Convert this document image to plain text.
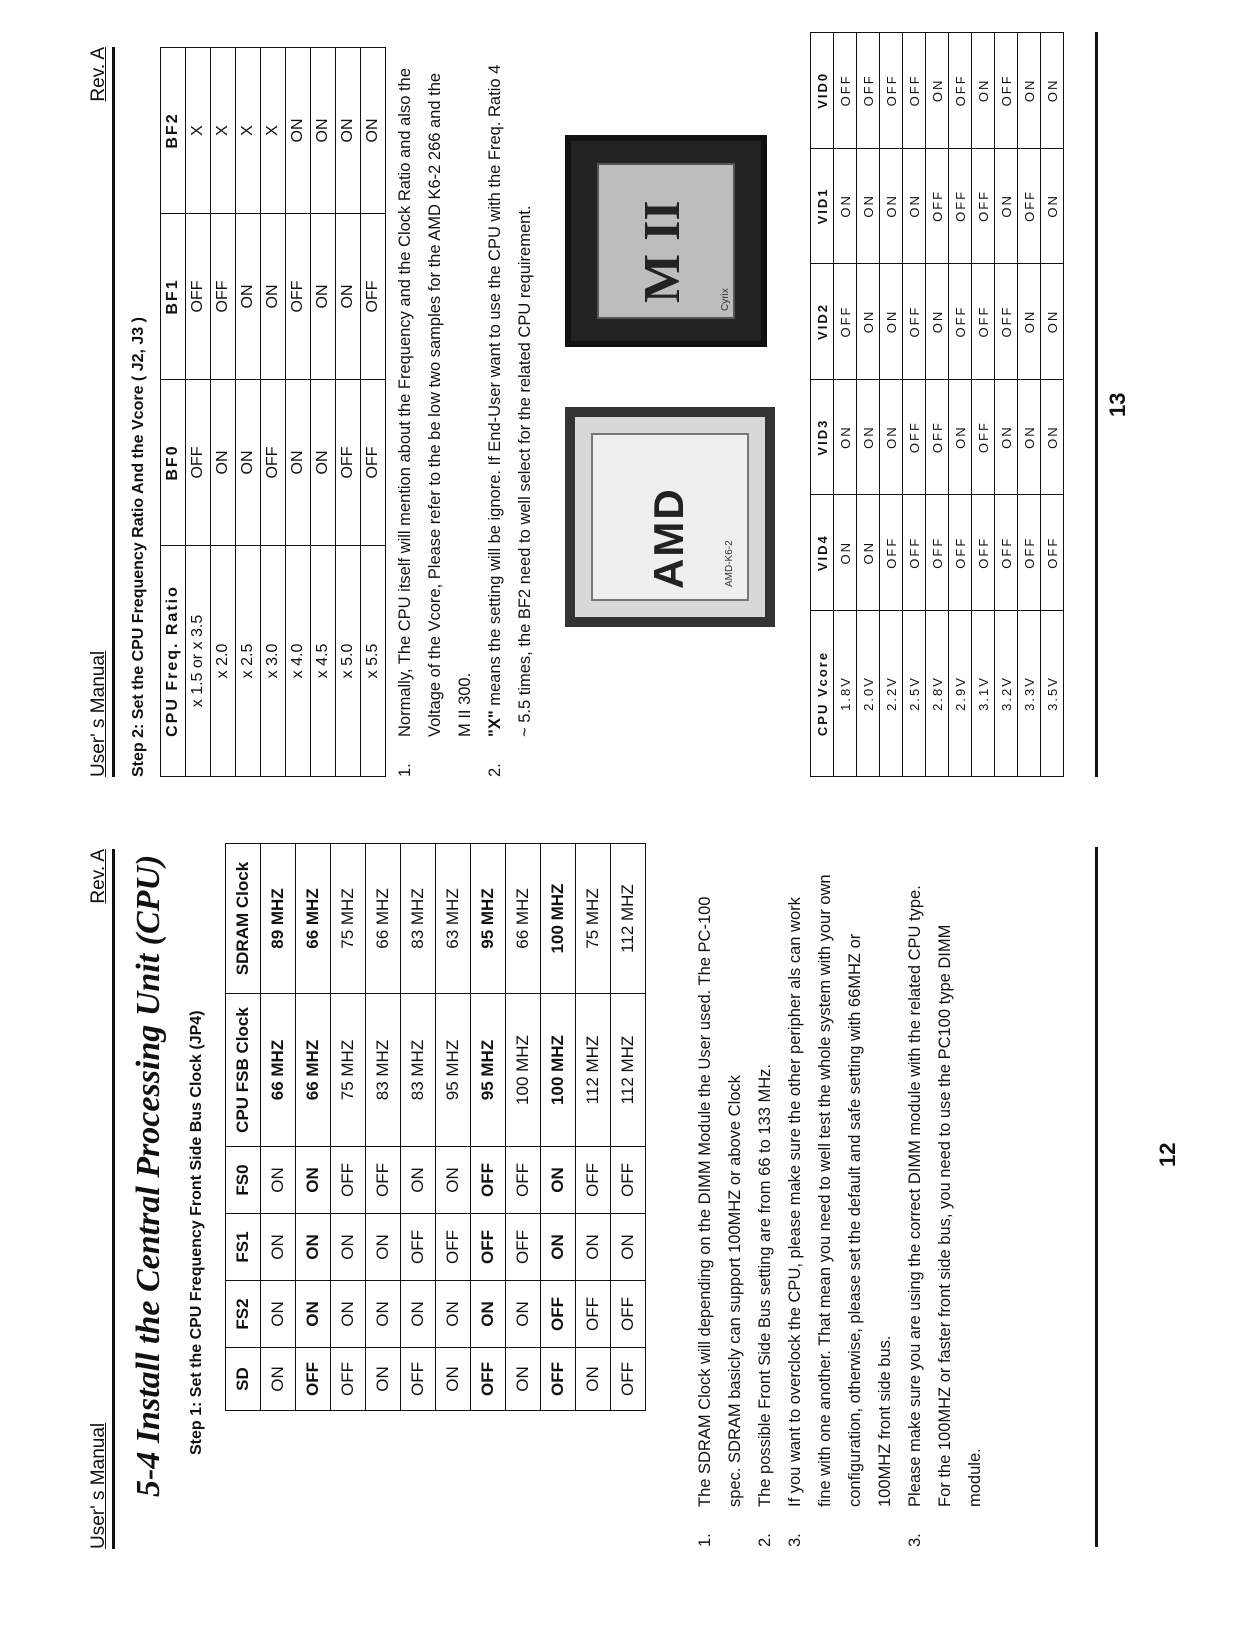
User' s Manual
Rev. A 5-4 Install the Central Processing Unit (CPU) Step 1: Set the CPU Frequency Front Side Bus Clock (JP4) SD	FS2	FS1	FS0	CPU FSB Clock	SDRAM Clock
ON	ON	ON	ON	66 MHZ	89 MHZ
OFF	ON	ON	ON	66 MHZ	66 MHZ
OFF	ON	ON	OFF	75 MHZ	75 MHZ
ON	ON	ON	OFF	83 MHZ	66 MHZ
OFF	ON	OFF	ON	83 MHZ	83 MHZ
ON	ON	OFF	ON	95 MHZ	63 MHZ
OFF	ON	OFF	OFF	95 MHZ	95 MHZ
ON	ON	OFF	OFF	100 MHZ	66 MHZ
OFF	OFF	ON	ON	100 MHZ	100 MHZ
ON	OFF	ON	OFF	112 MHZ	75 MHZ
OFF	OFF	ON	OFF	112 MHZ	112 MHZ
1.
The SDRAM Clock will depending on the DIMM Module the User used. The PC-100 spec. SDRAM basicly can support 100MHZ or above Clock
2.
The possible Front Side Bus setting are from 66 to 133 MHz.
3.
If you want to overclock the CPU, please make sure the other peripher als can work fine with one another. That mean you need to well test the whole system with your own configuration, otherwise, please set the default and safe setting with 66MHZ or 100MHZ front side bus.
3.
Please make sure you are using the correct DIMM module with the related CPU type. For the 100MHZ or faster front side bus, you need to use the PC100 type DIMM module.
12
User' s Manual
Rev. A
Step 2: Set the CPU Frequency Ratio And the Vcore ( J2, J3 ) CPU Freq. Ratio	BF0	BF1	BF2
x 1.5 or x 3.5	OFF	OFF	X
x 2.0	ON	OFF	X
x 2.5	ON	ON	X
x 3.0	OFF	ON	X
x 4.0	ON	OFF	ON
x 4.5	ON	ON	ON
x 5.0	OFF	ON	ON
x 5.5	OFF	OFF	ON
1.
Normally, The CPU itself will mention about the Frequency and the Clock Ratio and also the Voltage of the Vcore, Please refer to the be low two samples for the AMD K6-2 266 and the M II 300.
2.
"X" means the setting will be ignore. If End-User want to use the CPU with the Freq. Ratio 4 ~ 5.5 times, the BF2 need to well select for the related CPU requirement.	AMD	AMD-K6-2
M II	Cyrix
CPU Vcore	VID4	VID3	VID2	VID1	VID0
1.8V	ON	ON	OFF	ON	OFF
2.0V	ON	ON	ON	ON	OFF
2.2V	OFF	ON	ON	ON	OFF
2.5V	OFF	OFF	OFF	ON	OFF
2.8V	OFF	OFF	ON	OFF	ON
2.9V	OFF	ON	OFF	OFF	OFF
3.1V	OFF	OFF	OFF	OFF	ON
3.2V	OFF	ON	OFF	ON	OFF
3.3V	OFF	ON	ON	OFF	ON
3.5V	OFF	ON	ON	ON	ON
13
